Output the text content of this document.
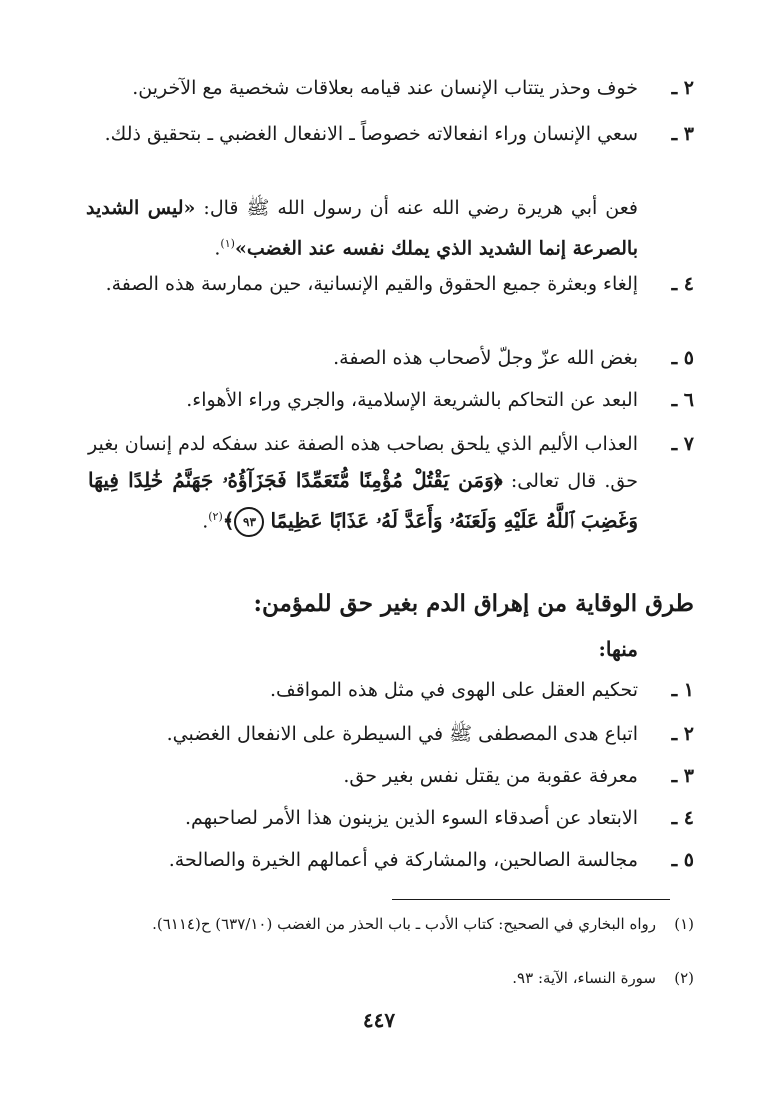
٢ ـ
خوف وحذر يتتاب الإنسان عند قيامه بعلاقات شخصية مع الآخرين.
٣ ـ
سعي الإنسان وراء انفعالاته خصوصاً ـ الانفعال الغضبي ـ بتحقيق ذلك.
فعن أبي هريرة رضي الله عنه أن رسول الله ﷺ قال: «ليس الشديد بالصرعة إنما الشديد الذي يملك نفسه عند الغضب»$^{(١)}$.
٤ ـ
إلغاء وبعثرة جميع الحقوق والقيم الإنسانية، حين ممارسة هذه الصفة.
٥ ـ
بغض الله عزّ وجلّ لأصحاب هذه الصفة.
٦ ـ
البعد عن التحاكم بالشريعة الإسلامية، والجري وراء الأهواء.
٧ ـ
العذاب الأليم الذي يلحق بصاحب هذه الصفة عند سفكه لدم إنسان بغير حق. قال تعالى: ﴿وَمَن يَقْتُلْ مُؤْمِنًا مُّتَعَمِّدًا فَجَزَآؤُهُۥ جَهَنَّمُ خَٰلِدًا فِيهَا وَغَضِبَ ٱللَّهُ عَلَيْهِ وَلَعَنَهُۥ وَأَعَدَّ لَهُۥ عَذَابًا عَظِيمًا ٩٣﴾$^{(٢)}$.
طرق الوقاية من إهراق الدم بغير حق للمؤمن:
منها:
١ ـ
تحكيم العقل على الهوى في مثل هذه المواقف.
٢ ـ
اتباع هدى المصطفى ﷺ في السيطرة على الانفعال الغضبي.
٣ ـ
معرفة عقوبة من يقتل نفس بغير حق.
٤ ـ
الابتعاد عن أصدقاء السوء الذين يزينون هذا الأمر لصاحبهم.
٥ ـ
مجالسة الصالحين، والمشاركة في أعمالهم الخيرة والصالحة.
(١)
رواه البخاري في الصحيح: كتاب الأدب ـ باب الحذر من الغضب (٦٣٧/١٠) ح(٦١١٤).
(٢)
سورة النساء، الآية: ٩٣.
٤٤٧
